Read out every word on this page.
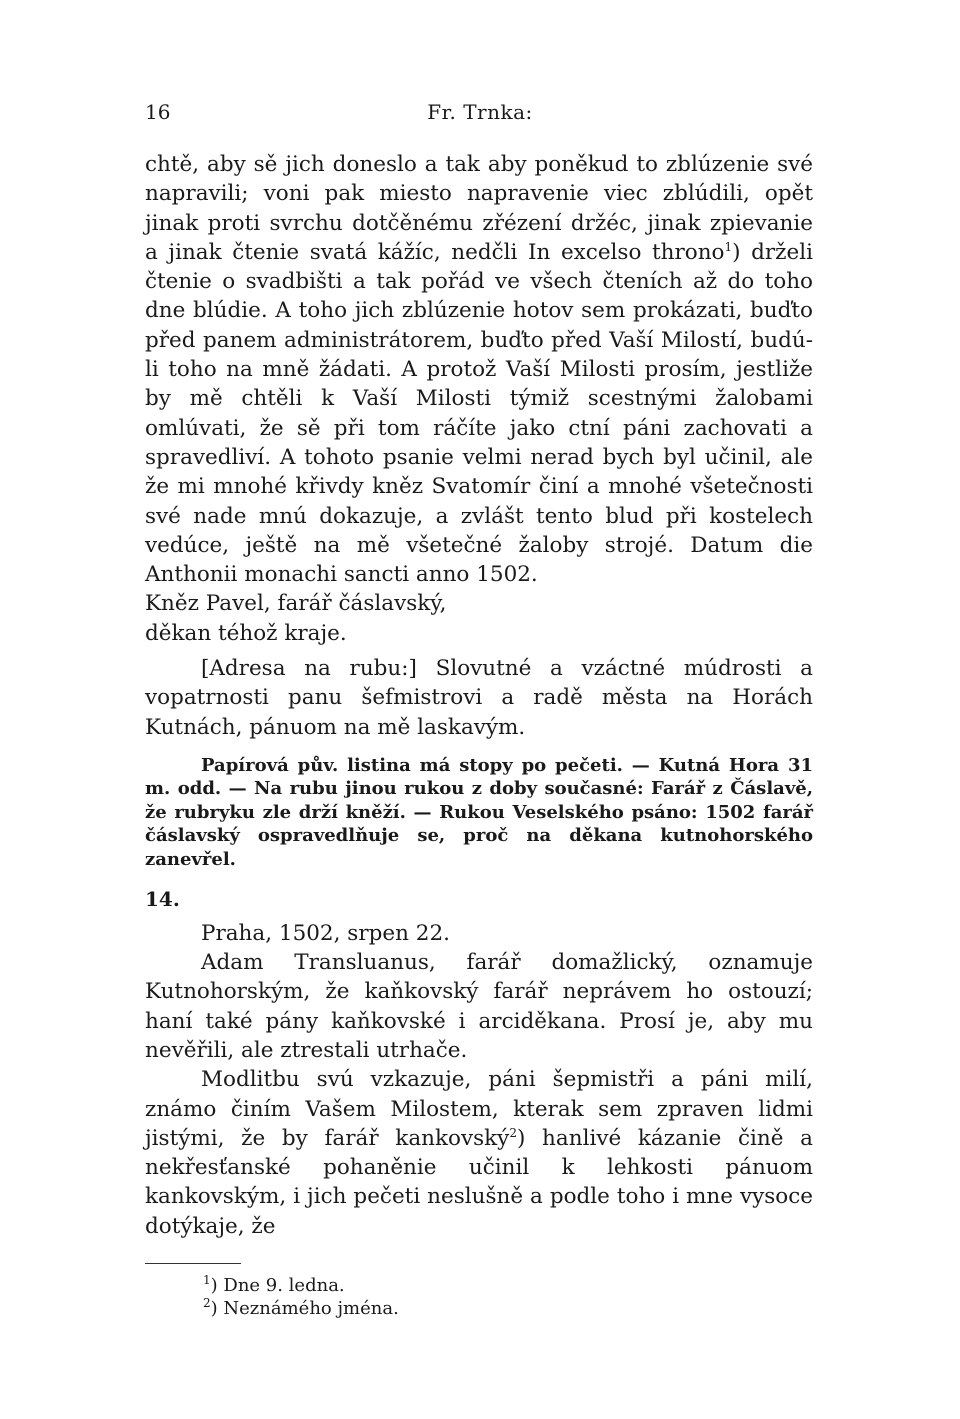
16	Fr. Trnka:

chtě, aby sě jich doneslo a tak aby poněkud to zblúzenie své napravili; voni pak miesto napravenie viec zblúdili, opět jinak proti svrchu dotčěnému zřézení držéc, jinak zpievanie a jinak čtenie svatá kážíc, nedčli In excelso throno$^1$) drželi čtenie o svadbišti a tak pořád ve všech čteních až do toho dne blúdie. A toho jich zblúzenie hotov sem prokázati, buďto před panem administrátorem, buďto před Vaší Milostí, budú-li toho na mně žádati. A protož Vaší Milosti prosím, jestliže by mě chtěli k Vaší Milosti týmiž scestnými žalobami omlúvati, že sě při tom ráčíte jako ctní páni zachovati a spravedliví. A tohoto psanie velmi nerad bych byl učinil, ale že mi mnohé křivdy kněz Svatomír činí a mnohé všetečnosti své nade mnú dokazuje, a zvlášt tento blud při kostelech vedúce, ještě na mě všetečné žaloby strojé. Datum die Anthonii monachi sancti anno 1502.

Kněz Pavel, farář čáslavský,

děkan téhož kraje.

[Adresa na rubu:] Slovutné a vzáctné múdrosti a vopatrnosti panu šefmistrovi a radě města na Horách Kutnách, pánuom na mě laskavým.

Papírová pův. listina má stopy po pečeti. — Kutná Hora 31 m. odd. — Na rubu jinou rukou z doby současné: Farář z Čáslavě, že rubryku zle drží kněží. — Rukou Veselského psáno: 1502 farář čáslavský ospravedlňuje se, proč na děkana kutnohorského zanevřel.

14.

Praha, 1502, srpen 22.

Adam Transluanus, farář domažlický, oznamuje Kutnohorským, že kaňkovský farář neprávem ho ostouzí; haní také pány kaňkovské i arciděkana. Prosí je, aby mu nevěřili, ale ztrestali utrhače.

Modlitbu svú vzkazuje, páni šepmistři a páni milí, známo činím Vašem Milostem, kterak sem zpraven lidmi jistými, že by farář kankovský$^2$) hanlivé kázanie čině a nekřesťanské pohaněnie učinil k lehkosti pánuom kankovským, i jich pečeti neslušně a podle toho i mne vysoce dotýkaje, že

$^1$) Dne 9. ledna.

$^2$) Neznámého jména.
